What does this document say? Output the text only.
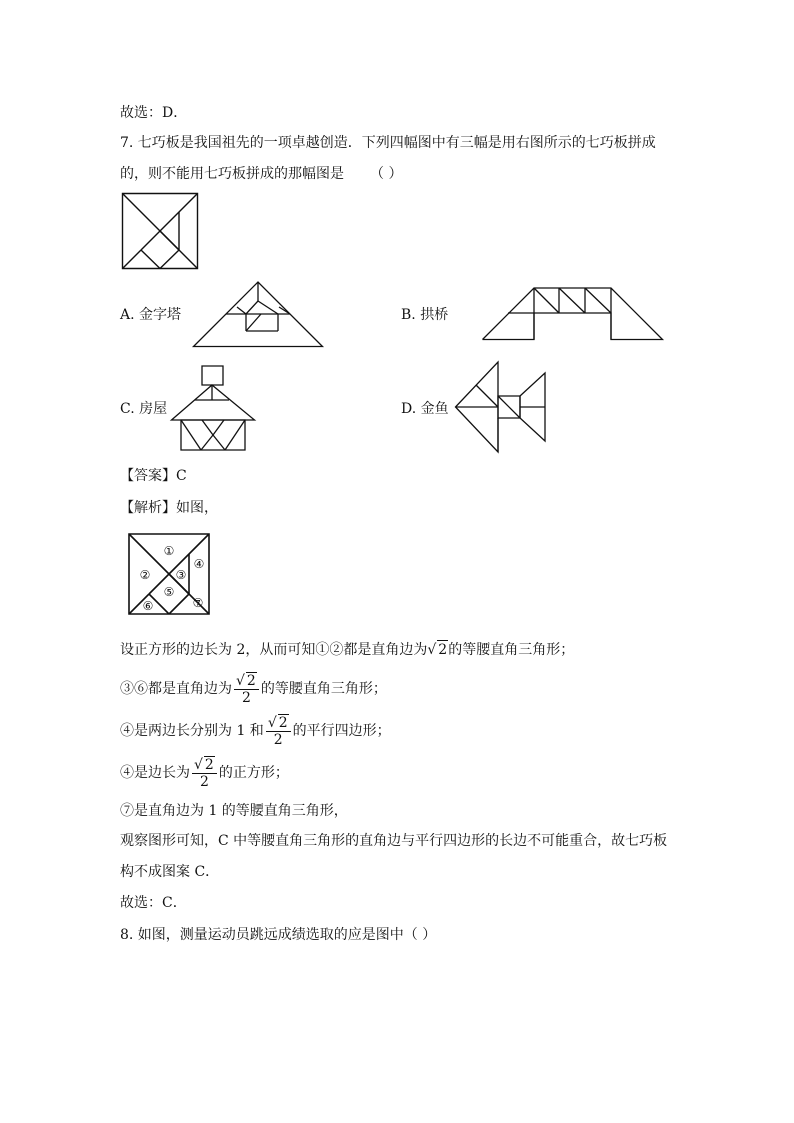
故选：D．
7. 七巧板是我国祖先的一项卓越创造．下列四幅图中有三幅是用右图所示的七巧板拼成
的，则不能用七巧板拼成的那幅图是 （ ）
A. 金字塔	B. 拱桥
C. 房屋	D. 金鱼
【答案】C
【解析】如图，
①
② ③
④
⑤
⑥	⑦
设正方形的边长为 2，从而可知①②都是直角边为√ 2的等腰直角三角形；
③⑥都是直角边为 $\frac{√ 2}{2}$ 的等腰直角三角形；
④是两边长分别为 1 和 $\frac{√ 2}{2}$ 的平行四边形；
④是边长为 $\frac{√ 2}{2}$ 的正方形；
⑦是直角边为 1 的等腰直角三角形，
观察图形可知，C 中等腰直角三角形的直角边与平行四边形的长边不可能重合，故七巧板
构不成图案 C．
故选：C．
8. 如图，测量运动员跳远成绩选取的应是图中（ ）
